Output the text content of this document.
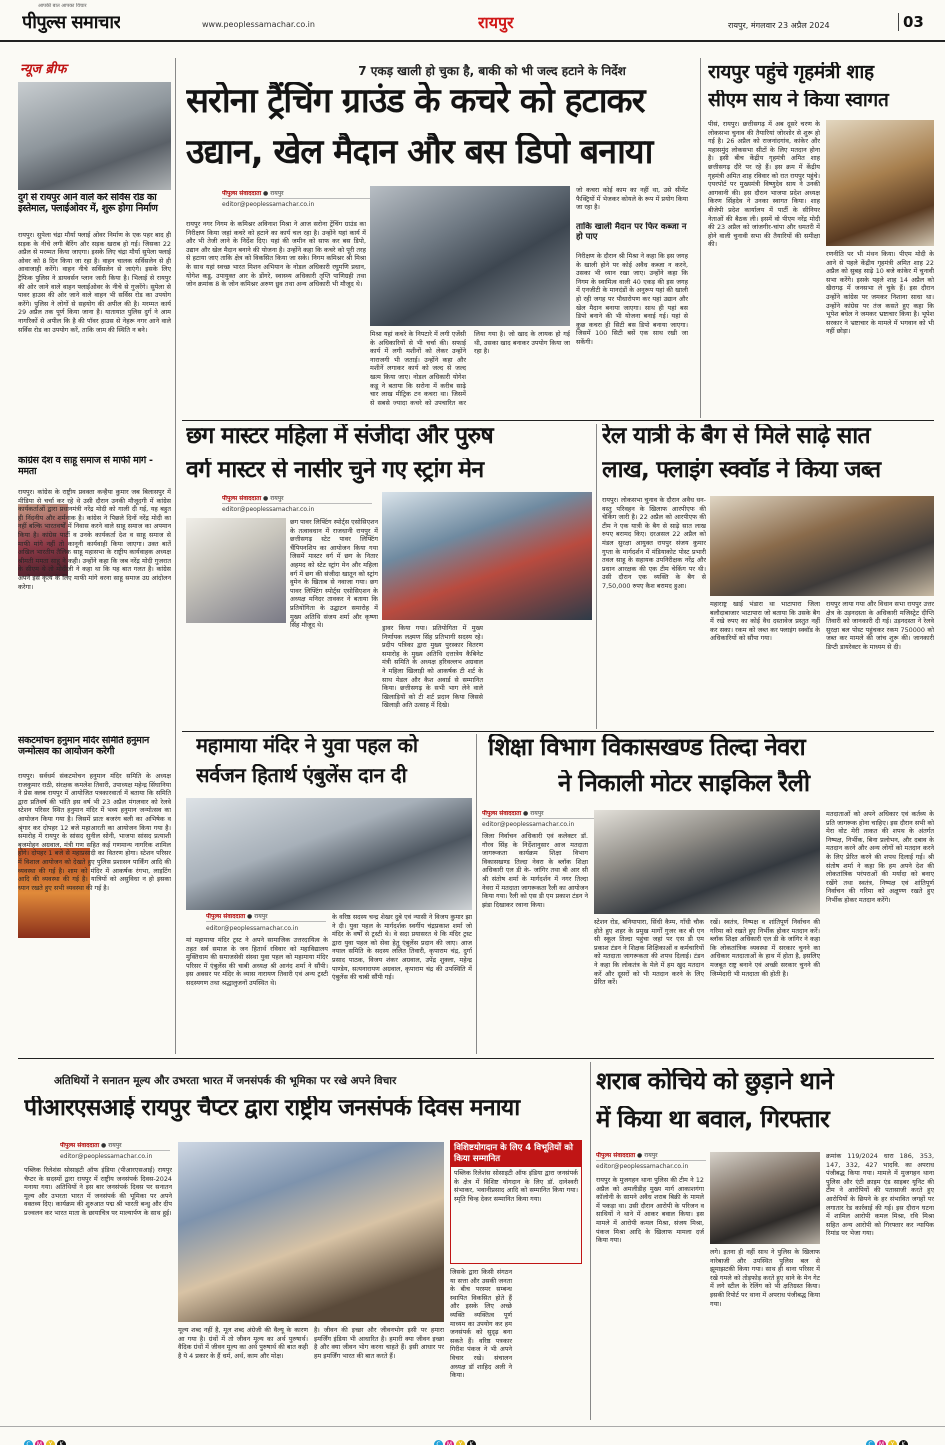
आपकी बात आपका विचार
पीपुल्स समाचार	www.peoplessamachar.co.in	रायपुर	रायपुर, मंगलवार 23 अप्रैल 2024	03
न्यूज ब्रीफ
दुर्ग से रायपुर आने वाले करें सर्विस रोड का इस्तेमाल, फ्लाईओवर में, शुरू होगा निर्माण
रायपुर। सुपेला चंद्रा मौर्या फ्लाई ओवर निर्माण के एक पहर बाद ही सड़क के नीचे लगी बैरिंग और सड़क खराब हो गई। जिसका 22 अप्रैल से मरम्मत किया जाएगा। इसके लिए चंद्रा मौर्या सुपेला फ्लाई ओवर को 8 दिन किया जा रहा है। वाहन चालक सर्विसलेन से ही आवाजाही करेंगे। वाहन नीचे सर्विसलेन से जाएंगे। इसके लिए ट्रैफिक पुलिस ने डायवर्सन प्लान जारी किया है। भिलाई से रायपुर की ओर जाने वाले वाहन फ्लाईओवर के नीचे से गुजरेंगे। सुपेला से पावर हाउस की ओर जाने वाले वाहन भी सर्विस रोड का उपयोग करेंगे। पुलिस ने लोगों से सहयोग की अपील की है। मरम्मत कार्य 29 अप्रैल तक पूर्ण किया जाना है। यातायात पुलिस दुर्ग ने आम नागरिकों से अपील कि है की पॉवर हाउस से नेहरू नगर आने वाले सर्विस रोड का उपयोग करें, ताकि जाम की स्थिति न बने।
कांग्रेस देश व साहू समाज से माफी मांगे - ममता
रायपुर। कांग्रेस के राष्ट्रीय प्रवक्ता कन्हैया कुमार जब बिलासपुर में मीडिया से चर्चा कर रहे थे उसी दौरान उनकी मौजूदगी में कांग्रेस कार्यकर्ताओं द्वारा प्रधानमंत्री नरेंद्र मोदी को गाली दी गई, यह बहुत ही निंदनीय और शर्मनाक है। कांग्रेस ने पिछले दिनों नरेंद्र मोदी का नहीं बल्कि भारतवर्षों में निवास करने वाले साहू समाज का अपमान किया है। कांग्रेस पार्टी व उनके कार्यकर्ता देश व साहू समाज से माफी मांगे नहीं तो कानूनी कार्यवाही किया जाएगा। उक्त बातें अखिल भारतीय तैलिक साहू महासभा के राष्ट्रीय कार्यवाहक अध्यक्ष श्रीमती ममता साहू ने कही। उन्होंने कहा कि जब नरेंद्र मोदी गुजरात के सीएम थे तो मोदीजी ने कहा था कि यह बात गलत है। कांग्रेस अपने इस कृत्य के लिए माफी मांगे वरना साहू समाज उग्र आंदोलन करेगा।
संकटमोचन हनुमान मंदिर समिति हनुमान जन्मोत्सव का आयोजन करेगी
रायपुर। सर्वधर्म संकटमोचन हनुमान मंदिर समिति के अध्यक्ष राजकुमार राठी, संरक्षक कमलेश तिवारी, उपाध्यक्ष महेन्द्र सिंघानिया ने प्रेस क्लब रायपुर में आयोजित पत्रकारवार्ता में बताया कि समिति द्वारा प्रतिवर्ष की भांति इस वर्ष भी 23 अप्रैल मंगलवार को रेलवे स्टेशन परिसर स्थित हनुमान मंदिर में भव्य हनुमान जन्मोत्सव का आयोजन किया गया है। जिसमें प्रातः बजरंग बली का अभिषेक व श्रृंगार कर दोपहर 12 बजे महाआरती का आयोजन किया गया है। समारोह में रायपुर के सांसद सुनील सोनी, भाजपा सांसद प्रत्याशी बृजमोहन अग्रवाल, मंत्री गण सहित कई गणमान्य नागरिक शामिल होंगे। दोपहर 1 बजे से महाप्रसादी का वितरण होगा। स्टेशन परिसर में विशाल आयोजन को देखते हुए पुलिस प्रशासन पार्किंग आदि की व्यवस्था की गई है। शाम को मंदिर में आकर्षक रंगभा, लाइटिंग आदि की व्यवस्था की गई है। यात्रियों को असुविधा न हो इसका ध्यान रखते हुए सभी व्यवस्था की गई है।
7 एकड़ खाली हो चुका है, बाकी को भी जल्द हटाने के निर्देश
सरोना ट्रैंचिंग ग्राउंड के कचरे को हटाकर
उद्यान, खेल मैदान और बस डिपो बनाया
पीपुल्स संवाददाता ● रायपुर
editor@peoplessamachar.co.in
रायपुर नगर निगम के कमिश्नर अविनाश मिश्रा ने आज सरोना ट्रेंचिंग ग्राउंड का निरीक्षण किया जहां कचरे को हटाने का कार्य चल रहा है। उन्होंने यहां कार्य में और भी तेजी लाने के निर्देश दिए। यहां की जमीन को साफ कर बस डिपो, उद्यान और खेल मैदान बनाने की योजना है। उन्होंने कहा कि कचरे को पूरी तरह से हटाया जाए ताकि क्षेत्र को विकसित किया जा सके। निगम कमिश्नर श्री मिश्रा के साथ यहां स्वच्छ भारत मिशन अभियान के नोडल अधिकारी रघुमणि प्रधान, योगेश कडू, उपायुक्त आर के डोंगरे, स्वास्थ्य अधिकारी तृप्ति पाणिग्रही तथा जोन क्रमांक 8 के जोन कमिश्नर अरुण ध्रुव तथा अन्य अधिकारी भी मौजूद थे।
मिश्रा यहां कचरे के निपटारे में लगी एजेंसी के अधिकारियों से भी चर्चा की। सफाई कार्य में लगी मशीनों को लेकर उन्होंने नाराजगी भी जताई। उन्होंने कहा और मशीनें लगाकर कार्य को जल्द से जल्द खत्म किया जाए। नोडल अधिकारी योगेश कडू ने बताया कि सरोना में करीब साढ़े चार लाख मीट्रिक टन कचरा था। जिसमें से सबसे ज्यादा कचरे को उपचारित कर लिया गया है। जो खाद के लायक हो गई थी, उसका खाद बनाकर उपयोग किया जा रहा है।
जो कचरा कोई काम का नहीं था, उसे सीमेंट फैक्ट्रियों में भेजकर कोयले के रूप में प्रयोग किया जा रहा है।
ताकि खाली मैदान पर फिर कब्जा न हो पाए
निरीक्षण के दौरान श्री मिश्रा ने कहा कि इस जगह के खाली होने पर कोई अवैध कब्जा न करने, उसका भी ध्यान रखा जाए। उन्होंने कहा कि निगम के स्वामित्व वाली 40 एकड़ की इस जगह में एनजीटी के मानदंडों के अनुरूप यहां की खाली हो रही जगह पर पौधारोपण कर यहां उद्यान और खेल मैदान बनाया जाएगा। साथ ही यहां बस डिपो बनाने की भी योजना बनाई गई। यहां से कुछ कचरा ही सिटी बस डिपो बनाया जाएगा। जिसमें 100 सिटी बसें एक साथ रखी जा सकेंगी।
रायपुर पहुंचे गृहमंत्री शाह
सीएम साय ने किया स्वागत
पीसं, रायपुर। छत्तीसगढ़ में अब दूसरे चरण के लोकसभा चुनाव की तैयारियां जोरशोर से शुरू हो गई है। 26 अप्रैल को राजनांदगांव, कांकेर और महासमुंद लोकसभा सीटों के लिए मतदान होना है। इसी बीच केंद्रीय गृहमंत्री अमित शाह छत्तीसगढ़ दौरे पर रहे हैं। इस क्रम में केंद्रीय गृहमंत्री अमित शाह रविवार को रात रायपुर पहुंचे। एयरपोर्ट पर मुख्यमंत्री विष्णुदेव साय ने उनकी आगवानी की। इस दौरान भाजपा प्रदेश अध्यक्ष किरण सिंहदेव ने उनका स्वागत किया। शाह बीजेपी प्रदेश कार्यालय में पार्टी के सीनियर नेताओं की बैठक ली। इसमें वो पीएम नरेंद्र मोदी की 23 अप्रैल को जांजगीर-चांपा और धमतरी में होने वाली चुनावी सभा की तैयारियों की समीक्षा की।
रणनीति पर भी मंथन किया। पीएम मोदी के आने से पहले केंद्रीय गृहमंत्री अमित शाह 22 अप्रैल को सुबह साढ़े 10 बजे कांकेर में चुनावी सभा करेंगे। इसके पहले शाह 14 अप्रैल को खैरागढ़ में जनसभा ले चुके हैं। इस दौरान उन्होंने कांग्रेस पर जमकर निशाना साधा था। उन्होंने कांग्रेस पर तंज कसते हुए कहा कि भूपेश बघेल ने जमकर भ्रष्टाचार किया है। भूपेश सरकार ने भ्रष्टाचार के मामले में भगवान को भी नहीं छोड़ा।
छग मास्टर महिला में संजीदा और पुरुष
वर्ग मास्टर से नासीर चुने गए स्ट्रांग मेन
पीपुल्स संवाददाता ● रायपुर
editor@peoplessamachar.co.in
छग पावर लिफ्टिंग स्पोर्ट्स एसोसिएशन के तत्वावधान में राजधानी रायपुर में छत्तीसगढ़ स्टेट पावर लिफ्टिंग चैंपियनशिप का आयोजन किया गया जिसमें मास्टर वर्ग में छग के नितार अहमद को स्टेट स्ट्रांग मेन और महिला वर्ग में छग की संजीदा खातून को स्ट्रांग वुमेन के खिताब से नवाजा गया। छग पावर लिफ्टिंग स्पोर्ट्स एसोसिएशन के अध्यक्ष मनिदर तावकर ने बताया कि प्रतियोगिता के उद्घाटन समारोह में मुख्य अतिथि संजय शर्मा और कृष्णा सिंह मौजूद थे।	ड्रावर किया गया। प्रतियोगिता में मुख्य निर्णायक लक्ष्मण सिंह प्रतिभागी सदस्य रहे। प्रदीप पत्रिका द्वारा मुख्य पुरस्कार वितरण समारोह के मुख्य अतिथि दत्तात्रेय कैबिनेट मंत्री समिति के अध्यक्ष हरिवल्लभ अग्रवाल ने महिला खिलाड़ी को आकर्षक टी शर्ट के साथ मेडल और कैश अवार्ड से सम्मानित किया। छत्तीसगढ़ के सभी भाग लेने वाले खिलाड़ियों को टी शर्ट प्रदान किया जिससे खिलाड़ी अति उत्साह में दिखे।
रेल यात्री के बैग से मिले साढ़े सात
लाख, फ्लाइंग स्क्वॉड ने किया जब्त
रायपुर। लोकसभा चुनाव के दौरान अवैध धन-वस्तु परिवहन के खिलाफ आरपीएफ की चेकिंग जारी है। 22 अप्रैल को आरपीएफ की टीम ने एक यात्री के बैग से साढ़े सात लाख रुपए बरामद किए। दरअसल 22 अप्रैल को मंडल सुरक्षा आयुक्त रायपुर संजय कुमार गुप्ता के मार्गदर्शन में मंडियाकोट पोस्ट प्रभारी तवल साहू के सहायक उपनिरीक्षक नरेंद्र और प्रधान आरक्षक की एक टीम चेकिंग पर थी। उसी दौरान एक व्यक्ति के बैग से 7,50,000 रुपए कैश बरामद हुआ।
महाराष्ट्र खाई भंडारा था भाटापारा जिला बलौदाबाजार भाटापारा जो बताया कि उसके बैग में रखे रुपए का कोई वैध दस्तावेज प्रस्तुत नहीं कर सका। रकम को जब्त कर फ्लाइंग स्क्वॉड के अधिकारियों को सौंपा गया।
रायपुर लाया गया और विधान सभा रायपुर उत्तर क्षेत्र के उड़नदस्ता के अधिकारी मजिस्ट्रेट दीप्ति तिवारी को जानकारी दी गई। उड़नदस्ता ने रेलवे सुरक्षा बल पोस्ट पहुंचकर रकम 750000 को जब्त कर मामले की जांच शुरू की। जानकारी डिप्टी डायरेक्टर के माध्यम से दी।
महामाया मंदिर ने युवा पहल को
सर्वजन हितार्थ एंबुलेंस दान दी
पीपुल्स संवाददाता ● रायपुर
editor@peoplessamachar.co.in
मां महामाया मंदिर ट्रस्ट ने अपने सामाजिक उत्तरदायित्व के तहत सर्व समाज के जन हितार्थ रविवार को महाविद्यालय मुक्तिधाम की समाजसेवी संस्था युवा पहल को महामाया मंदिर परिसर में एंबुलेंस की चाबी अध्यक्ष श्री आनंद शर्मा ने सौंपी। इस अवसर पर मंदिर के व्यास नारायण तिवारी एवं अन्य ट्रस्टी सदस्यगण तथा श्रद्धालुजनों उपस्थित थे।
के वरिष्ठ सदस्य चन्द्र शेखर दुबे एवं न्यासी ने विजय कुमार झा ने दी। युवा पहल के मार्गदर्शक स्वर्गीय चंद्रप्रकाश शर्मा जो मंदिर के वर्षों से ट्रस्टी थे। वे सदा प्रयासरत थे कि मंदिर ट्रस्ट द्वारा युवा पहल को सेवा हेतु एंबुलेंस प्रदान की जाए। आज नयाल समिति के सदस्य ललित तिवारी, कृपाराम चंद्र, दुर्गा प्रसाद पाठक, विजय शंकर अग्रवाल, उपेंद्र शुक्ला, महेन्द्र पाण्डेय, सत्यनारायण अग्रवाल, कृपाराम चंद्र की उपस्थिति में एंबुलेंस की चाबी सौंपी गई।
शिक्षा विभाग विकासखण्ड तिल्दा नेवरा
ने निकाली मोटर साइकिल रैली
पीपुल्स संवाददाता ● रायपुर
editor@peoplessamachar.co.in
जिला निर्वाचन अधिकारी एवं कलेक्टर डॉ. गौरव सिंह के निर्देशानुसार आज मतदाता जागरूकता कार्यक्रम शिक्षा विभाग विकासखण्ड तिल्दा नेवरा के ब्लॉक शिक्षा अधिकारी एल डी के- जांगिर तथा बी आर सी श्री संतोष शर्मा के मार्गदर्शन में नगर तिल्दा नेवरा में मतदाता जागरूकता रैली का आयोजन किया गया। रैली को एस डी एम प्रकाश टंडन ने झंडा दिखाकर रवाना किया।
स्टेशन रोड, बनियापारा, सिंधी कैम्प, गाँधी चौक होते हुए शहर के प्रमुख मार्गों गुजर कर बी एन सी स्कूल तिल्दा पहुंचा जहां पर एस डी एम प्रकाश टंडन ने शिक्षक शिक्षिकाओं व कर्मचारियों को मतदाता जागरूकता की शपथ दिलाई। टंडन ने कहा कि लोकतंत्र के मेले में हम खुद मतदान करें और दूसरों को भी मतदान करने के लिए प्रेरित करें।
रखें। स्वतंत्र, निष्पक्ष व शांतिपूर्ण निर्वाचन की गरिमा को रखते हुए निर्भीक होकर मतदान करें। ब्लॉक शिक्षा अधिकारी एल डी के जांगिर ने कहा कि लोकतांत्रिक व्यवस्था में सरकार चुनने का अधिकार मतदाताओं के हाथ में होता है, इसलिए मजबूत राष्ट्र बनाने एवं अच्छी सरकार चुनने की जिम्मेदारी भी मतदाता की होती है।
मतदाताओं को अपने अधिकार एवं कर्तव्य के प्रति जागरूक होना चाहिए। इस दौरान सभी को मेरा वोट मेरी ताकत की शपथ के अंतर्गत निष्पक्ष, निर्भीक, बिना प्रलोभन, और दबाव के मतदान करने और अन्य लोगों को मतदान करने के लिए प्रेरित करने की शपथ दिलाई गई। श्री संतोष शर्मा ने कहा कि हम अपने देश की लोकतांत्रिक परंपराओं की मर्यादा को बनाए रखेंगे तथा स्वतंत्र, निष्पक्ष एवं शांतिपूर्ण निर्वाचन की गरिमा को अक्षुण्ण रखते हुए निर्भीक होकर मतदान करेंगे।
अतिथियों ने सनातन मूल्य और उभरता भारत में जनसंपर्क की भूमिका पर रखे अपने विचार
पीआरएसआई रायपुर चैप्टर द्वारा राष्ट्रीय जनसंपर्क दिवस मनाया
पीपुल्स संवाददाता ● रायपुर
editor@peoplessamachar.co.in
पब्लिक रिलेशंस सोसाइटी ऑफ इंडिया (पीआरएसआई) रायपुर चैप्टर के सदस्यों द्वारा रायपुर में राष्ट्रीय जनसंपर्क दिवस-2024 मनाया गया। अतिथियों ने इस बार जनसंपर्क दिवस पर सनातन मूल्य और उभरता भारत में जनसंपर्क की भूमिका पर अपने वक्तव्य दिए। कार्यक्रम की शुरुआत पद्म श्री भारती बन्धु और दीप प्रज्वलन कर भारत माता के छायाचित्र पर माल्यार्पण के साथ हुई।
मूल्य शब्द नहीं है, मूल शब्द अंग्रेजी की वैल्यू के कारण आ गया है। ग्रंथों में तो जीवन मूल्य का अर्थ पुरुषार्थ। वैदिक ग्रंथों में जीवन मूल्य का अर्थ पुरुषार्थ की बात कही है ये 4 प्रकार के हैं धर्म, अर्थ, काम और मोक्ष।
है। जीवन की इच्छा और जीवनभोग इसी पर हमारा इमर्जिंग इंडिया भी आधारित है। हमारी क्या जीवन इच्छा है और क्या जीवन भोग करना चाहते हैं। इसी आधार पर हम इमर्जिंग भारत की बात करते हैं।
विशिष्टयोगदान के लिए 4 विभूतियों को किया सम्मानित
पब्लिक रिलेशंस सोसाइटी ऑफ इंडिया द्वारा जनसंपर्क के क्षेत्र में विशिष्ट योगदान के लिए डॉ. दानेश्वरी संभाकर, भवानीप्रसाद आदि को सम्मानित किया गया। स्मृति चिन्ह देकर सम्मानित किया गया।
जिसके द्वारा किसी संगठन या सत्ता और उसकी जनता के बीच परस्पर सम्बन्ध स्थापित विकसित होते हैं और इसके लिए अच्छे व्यक्ति व्यक्तित्व पूर्ण माध्यम का उपयोग कर हम जनसंपर्क को सुदृढ़ बना सकते हैं। वरिष्ठ पत्रकार गिरीश पंकज ने भी अपने विचार रखे। संचालन अध्यक्ष डॉ शाहिद अली ने किया।
शराब कोचिये को छुड़ाने थाने
में किया था बवाल, गिरफ्तार
पीपुल्स संवाददाता ● रायपुर
editor@peoplessamachar.co.in
रायपुर के मुजगहन थाना पुलिस की टीम ने 12 अप्रैल को अमलीडीह मुख्य मार्ग आकाशगंगा कॉलोनी के सामने अवैध शराब बिक्री के मामले में पकड़ा था। उसी दौरान आरोपी के परिजन व साथियों ने थाने में आकर बवाल किया। इस मामले में आरोपी कमल मिश्रा, संजय मिश्रा, पंकज मिश्रा आदि के खिलाफ मामला दर्ज किया गया।
लगे। इतना ही नहीं साथ ने पुलिस के खिलाफ नारेबाजी और उपस्थित पुलिस बल से झूमाझटकी किया गया। साथ ही थाना परिसर में रखे गमले को तोड़फोड़ करते हुए थाने के मेन गेट में लगे स्टील के रेलिंग को भी क्षतिग्रस्त किया। इसकी रिपोर्ट पर थाना में अपराध पंजीबद्ध किया गया।
क्रमांक 119/2024 धारा 186, 353, 147, 332, 427 भादवि. का अपराध पंजीबद्ध किया गया। मामले में मुजगहन थाना पुलिस और एंटी क्राइम एंड साइबर यूनिट की टीम ने आरोपियों की पतासाजी करते हुए आरोपियों के छिपने के हर संभावित जगहों पर लगातार रेड कार्रवाई की गई। इस दौरान घटना में शामिल आरोपी कमल मिश्रा, रवि मिश्रा सहित अन्य आरोपी को गिरफ्तार कर न्यायिक रिमांड पर भेजा गया।
C M Y K	C M Y K	C M Y K
